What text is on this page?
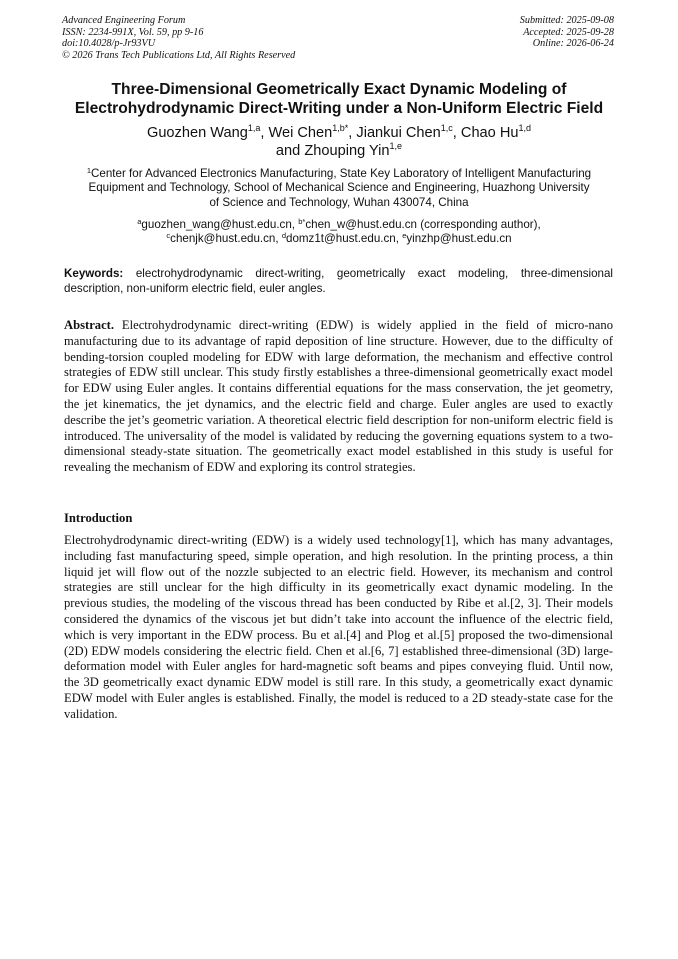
Advanced Engineering Forum
ISSN: 2234-991X, Vol. 59, pp 9-16
doi:10.4028/p-Jr93VU
© 2026 Trans Tech Publications Ltd, All Rights Reserved
Submitted: 2025-09-08
Accepted: 2025-09-28
Online: 2026-06-24
Three-Dimensional Geometrically Exact Dynamic Modeling of
Electrohydrodynamic Direct-Writing under a Non-Uniform Electric Field
Guozhen Wang$^{1,a}$, Wei Chen$^{1,b*}$, Jiankui Chen$^{1,c}$, Chao Hu$^{1,d}$
and Zhouping Yin$^{1,e}$
$^1$Center for Advanced Electronics Manufacturing, State Key Laboratory of Intelligent Manufacturing
Equipment and Technology, School of Mechanical Science and Engineering, Huazhong University
of Science and Technology, Wuhan 430074, China
$^a$guozhen_wang@hust.edu.cn, $^{b*}$chen_w@hust.edu.cn (corresponding author),
$^c$chenjk@hust.edu.cn, $^d$domz1t@hust.edu.cn, $^e$yinzhp@hust.edu.cn
Keywords: electrohydrodynamic direct-writing, geometrically exact modeling, three-dimensional description, non-uniform electric field, euler angles.
Abstract. Electrohydrodynamic direct-writing (EDW) is widely applied in the field of micro-nano manufacturing due to its advantage of rapid deposition of line structure. However, due to the difficulty of bending-torsion coupled modeling for EDW with large deformation, the mechanism and effective control strategies of EDW still unclear. This study firstly establishes a three-dimensional geometrically exact model for EDW using Euler angles. It contains differential equations for the mass conservation, the jet geometry, the jet kinematics, the jet dynamics, and the electric field and charge. Euler angles are used to exactly describe the jet’s geometric variation. A theoretical electric field description for non-uniform electric field is introduced. The universality of the model is validated by reducing the governing equations system to a two-dimensional steady-state situation. The geometrically exact model established in this study is useful for revealing the mechanism of EDW and exploring its control strategies.
Introduction
Electrohydrodynamic direct-writing (EDW) is a widely used technology[1], which has many advantages, including fast manufacturing speed, simple operation, and high resolution. In the printing process, a thin liquid jet will flow out of the nozzle subjected to an electric field. However, its mechanism and control strategies are still unclear for the high difficulty in its geometrically exact dynamic modeling. In the previous studies, the modeling of the viscous thread has been conducted by Ribe et al.[2, 3]. Their models considered the dynamics of the viscous jet but didn’t take into account the influence of the electric field, which is very important in the EDW process. Bu et al.[4] and Plog et al.[5] proposed the two-dimensional (2D) EDW models considering the electric field. Chen et al.[6, 7] established three-dimensional (3D) large-deformation model with Euler angles for hard-magnetic soft beams and pipes conveying fluid. Until now, the 3D geometrically exact dynamic EDW model is still rare. In this study, a geometrically exact dynamic EDW model with Euler angles is established. Finally, the model is reduced to a 2D steady-state case for the validation.
